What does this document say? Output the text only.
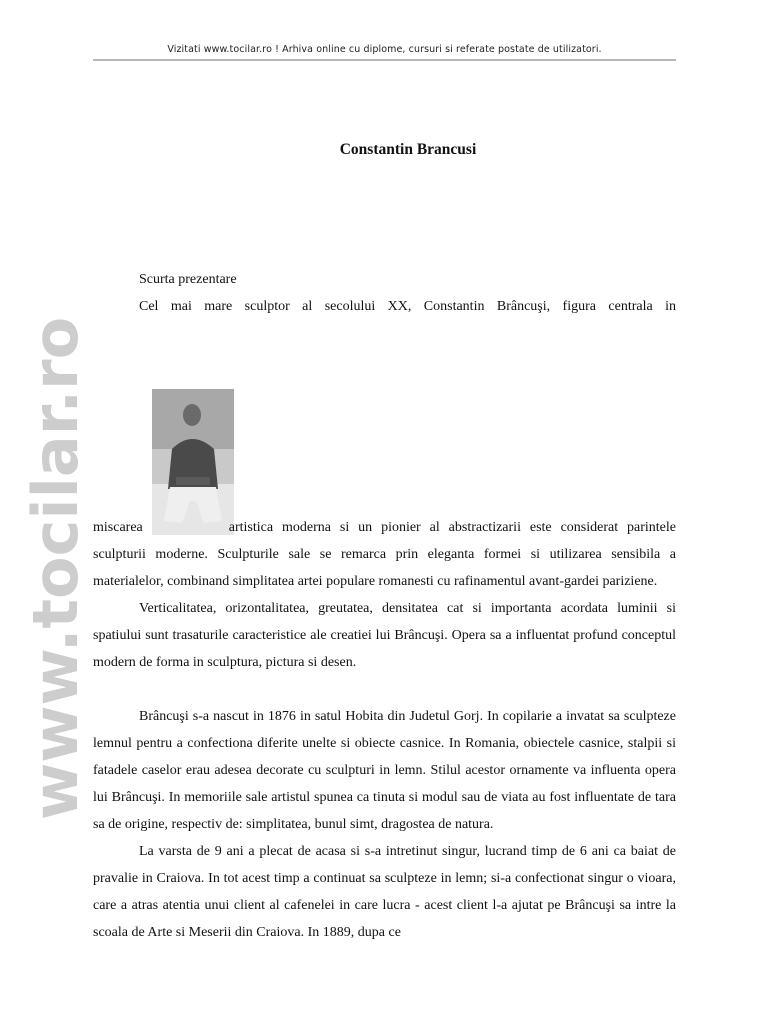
Vizitati www.tocilar.ro ! Arhiva online cu diplome, cursuri si referate postate de utilizatori.
www.tocilar.ro
Constantin Brancusi

Scurta prezentare

Cel mai mare sculptor al secolului XX, Constantin Brâncuşi, figura centrala in

miscarea	artistica moderna si un pionier al abstractizarii este considerat parintele sculpturii moderne. Sculpturile sale se remarca prin eleganta formei si utilizarea sensibila a materialelor, combinand simplitatea artei populare romanesti cu rafinamentul avant-gardei pariziene.

Verticalitatea, orizontalitatea, greutatea, densitatea cat si importanta acordata luminii si spatiului sunt trasaturile caracteristice ale creatiei lui Brâncuşi. Opera sa a influentat profund conceptul modern de forma in sculptura, pictura si desen.

Brâncuşi s-a nascut in 1876 in satul Hobita din Judetul Gorj. In copilarie a invatat sa sculpteze lemnul pentru a confectiona diferite unelte si obiecte casnice. In Romania, obiectele casnice, stalpii si fatadele caselor erau adesea decorate cu sculpturi in lemn. Stilul acestor ornamente va influenta opera lui Brâncuşi. In memoriile sale artistul spunea ca tinuta si modul sau de viata au fost influentate de tara sa de origine, respectiv de: simplitatea, bunul simt, dragostea de natura.

La varsta de 9 ani a plecat de acasa si s-a intretinut singur, lucrand timp de 6 ani ca baiat de pravalie in Craiova. In tot acest timp a continuat sa sculpteze in lemn; si-a confectionat singur o vioara, care a atras atentia unui client al cafenelei in care lucra - acest client l-a ajutat pe Brâncuşi sa intre la scoala de Arte si Meserii din Craiova. In 1889, dupa ce
